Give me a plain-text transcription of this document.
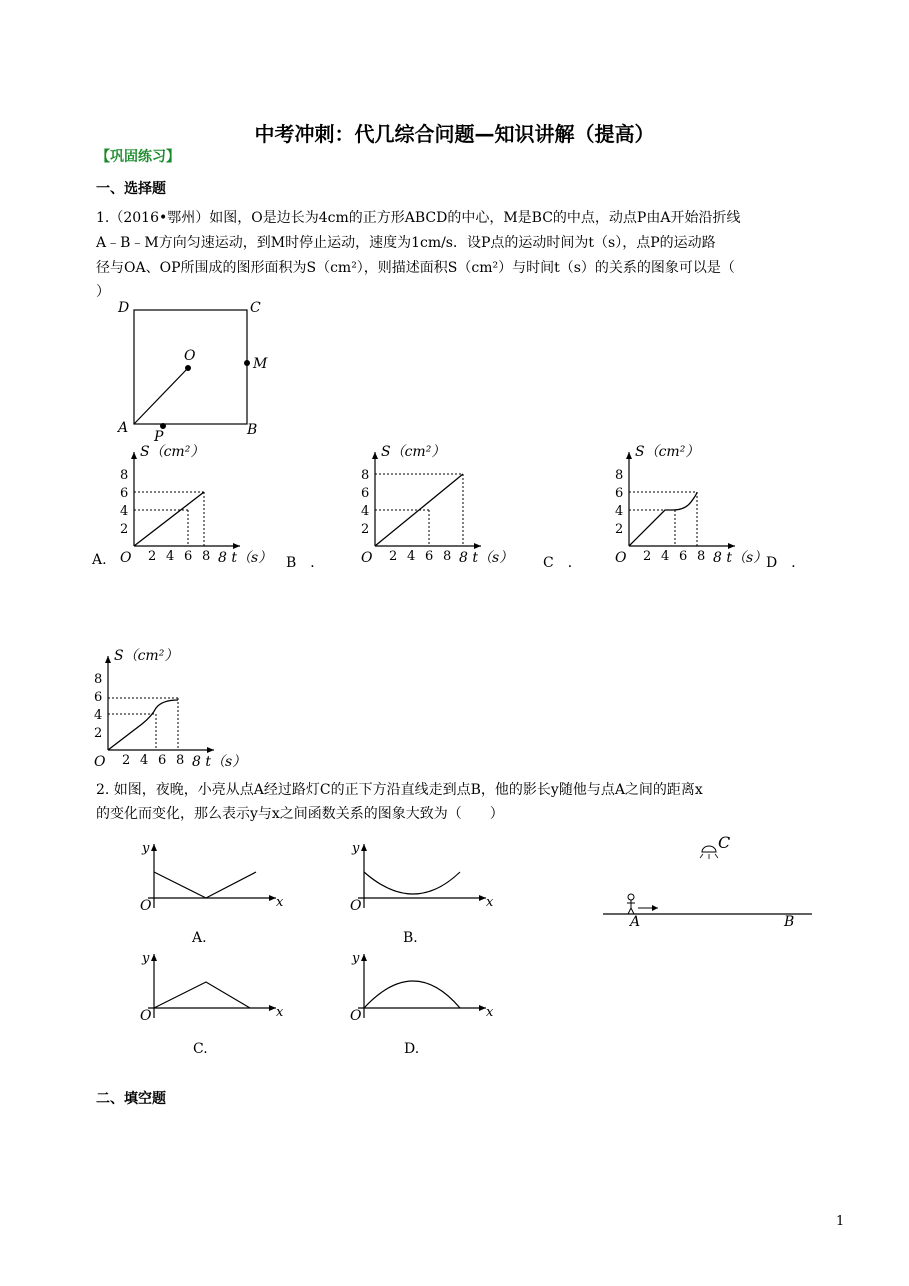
中考冲刺：代几综合问题—知识讲解（提高）
【巩固练习】
一、选择题
1.（2016•鄂州）如图，O是边长为4cm的正方形ABCD的中心，M是BC的中点，动点P由A开始沿折线
A﹣B﹣M方向匀速运动，到M时停止运动，速度为1cm/s．设P点的运动时间为t（s），点P的运动路
径与OA、OP所围成的图形面积为S（cm²），则描述面积S（cm²）与时间t（s）的关系的图象可以是（
）
D	C
O	M
A	B
P
2 4 6 8
8
6
4
2
O
S（cm²）
8 t（s）	2 4 6 8
8
6
4
2
O
S（cm²）
8 t（s）	2 4 6 8
8
6
4
2
O
S（cm²）
8 t（s）
2 4 6 8
8
6
4
2
O
S（cm²）
8 t（s）
A.	B　．	C　．	D　．
2. 如图，夜晚，小亮从点A经过路灯C的正下方沿直线走到点B，他的影长y随他与点A之间的距离x
的变化而变化，那么表示y与x之间函数关系的图象大致为（　　）
y
x
O
y
x
O
y
x
O
y
x
O
A.	B.
C.	D.
C
A	B
二、填空题
1
